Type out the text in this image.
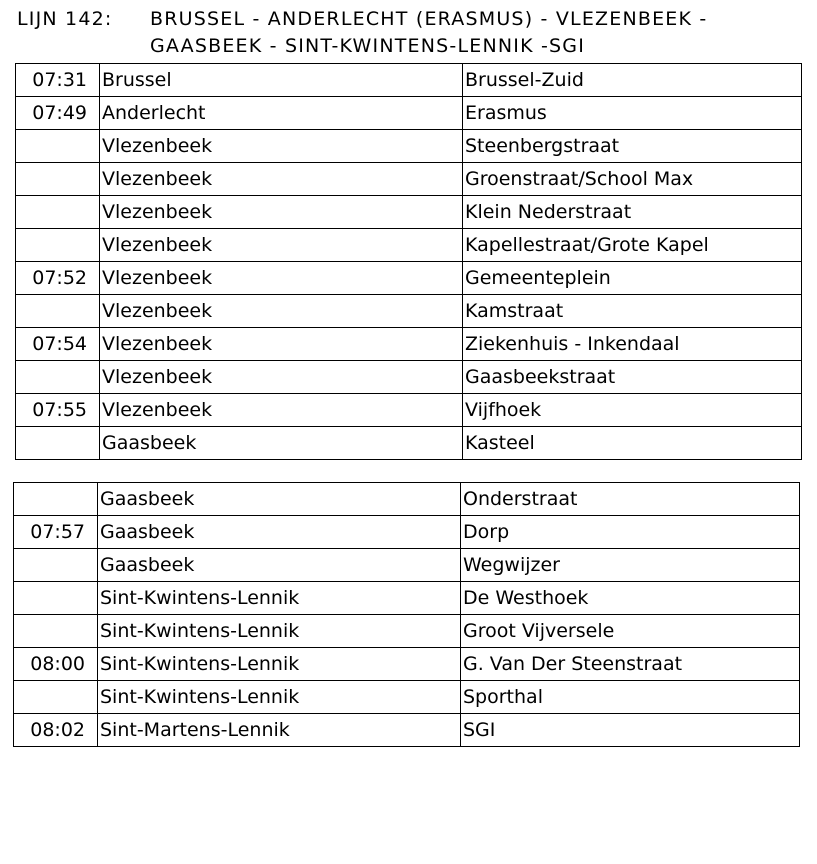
LIJN 142: BRUSSEL - ANDERLECHT (ERASMUS) - VLEZENBEEK -
GAASBEEK - SINT-KWINTENS-LENNIK -SGI
07:31	Brussel	Brussel-Zuid
07:49	Anderlecht	Erasmus
	Vlezenbeek	Steenbergstraat
	Vlezenbeek	Groenstraat/School Max
	Vlezenbeek	Klein Nederstraat
	Vlezenbeek	Kapellestraat/Grote Kapel
07:52	Vlezenbeek	Gemeenteplein
	Vlezenbeek	Kamstraat
07:54	Vlezenbeek	Ziekenhuis - Inkendaal
	Vlezenbeek	Gaasbeekstraat
07:55	Vlezenbeek	Vijfhoek
	Gaasbeek	Kasteel
	Gaasbeek	Onderstraat
07:57	Gaasbeek	Dorp
	Gaasbeek	Wegwijzer
	Sint-Kwintens-Lennik	De Westhoek
	Sint-Kwintens-Lennik	Groot Vijversele
08:00	Sint-Kwintens-Lennik	G. Van Der Steenstraat
	Sint-Kwintens-Lennik	Sporthal
08:02	Sint-Martens-Lennik	SGI
